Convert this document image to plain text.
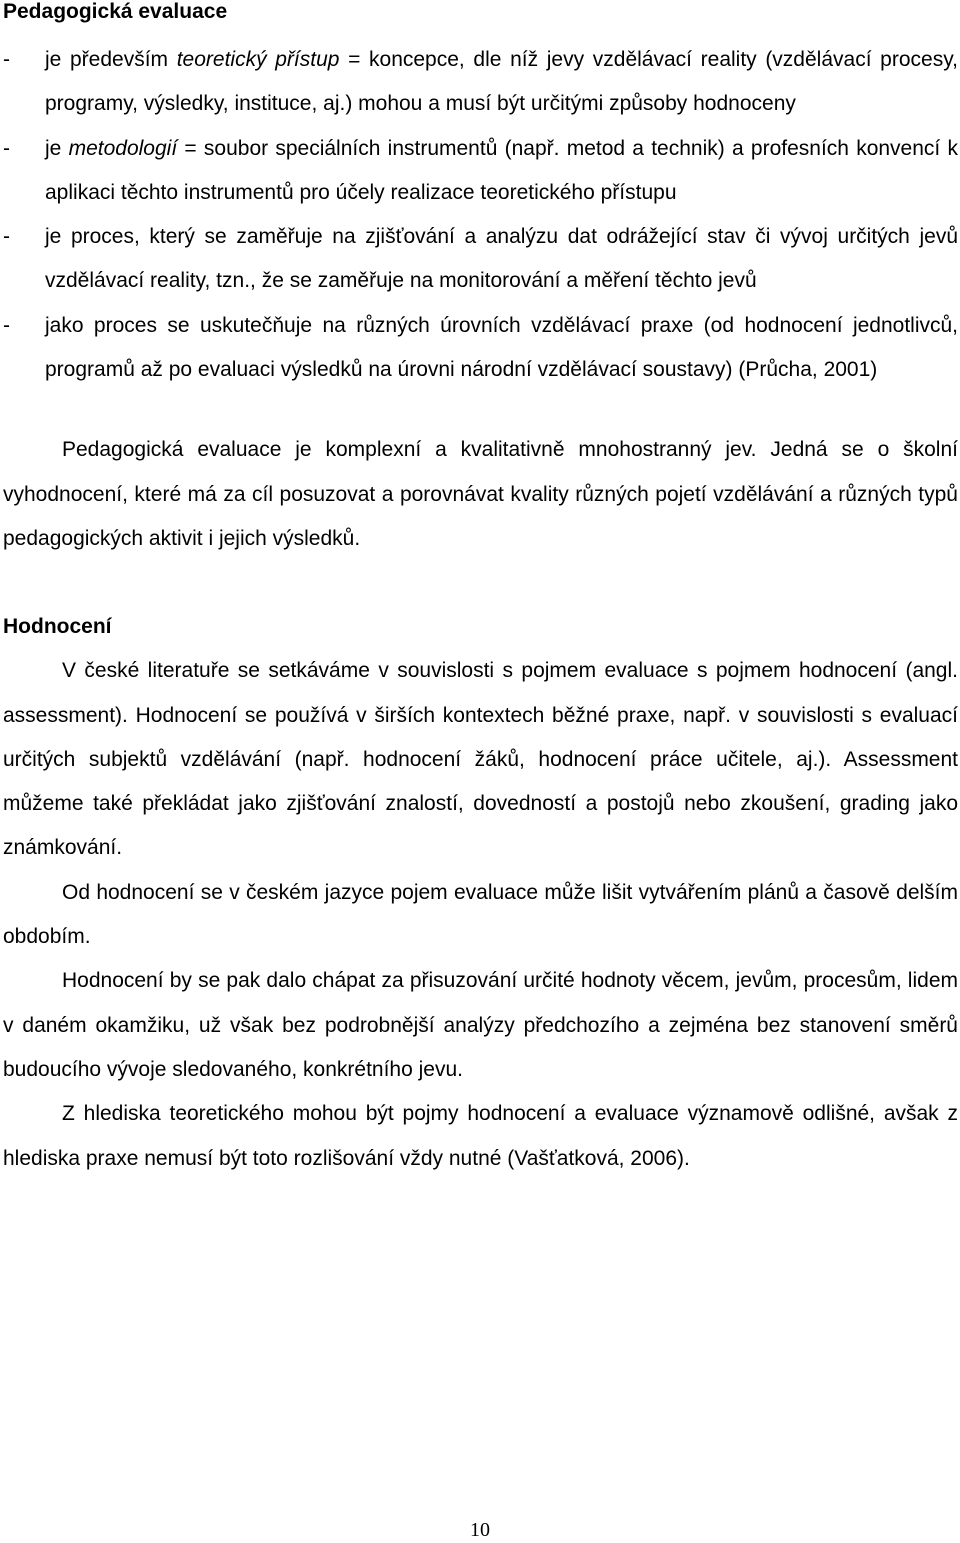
Pedagogická evaluace
- je především teoretický přístup = koncepce, dle níž jevy vzdělávací reality (vzdělávací procesy, programy, výsledky, instituce, aj.) mohou a musí být určitými způsoby hodnoceny
- je metodologií = soubor speciálních instrumentů (např. metod a technik) a profesních konvencí k aplikaci těchto instrumentů pro účely realizace teoretického přístupu
- je proces, který se zaměřuje na zjišťování a analýzu dat odrážející stav či vývoj určitých jevů vzdělávací reality, tzn., že se zaměřuje na monitorování a měření těchto jevů
- jako proces se uskutečňuje na různých úrovních vzdělávací praxe (od hodnocení jednotlivců, programů až po evaluaci výsledků na úrovni národní vzdělávací soustavy) (Průcha, 2001)

Pedagogická evaluace je komplexní a kvalitativně mnohostranný jev. Jedná se o školní vyhodnocení, které má za cíl posuzovat a porovnávat kvality různých pojetí vzdělávání a různých typů pedagogických aktivit i jejich výsledků.

Hodnocení

V české literatuře se setkáváme v souvislosti s pojmem evaluace s pojmem hodnocení (angl. assessment). Hodnocení se používá v širších kontextech běžné praxe, např. v souvislosti s evaluací určitých subjektů vzdělávání (např. hodnocení žáků, hodnocení práce učitele, aj.). Assessment můžeme také překládat jako zjišťování znalostí, dovedností a postojů nebo zkoušení, grading jako známkování.

Od hodnocení se v českém jazyce pojem evaluace může lišit vytvářením plánů a časově delším obdobím.

Hodnocení by se pak dalo chápat za přisuzování určité hodnoty věcem, jevům, procesům, lidem v daném okamžiku, už však bez podrobnější analýzy předchozího a zejména bez stanovení směrů budoucího vývoje sledovaného, konkrétního jevu.

Z hlediska teoretického mohou být pojmy hodnocení a evaluace významově odlišné, avšak z hlediska praxe nemusí být toto rozlišování vždy nutné (Vašťatková, 2006).

10
